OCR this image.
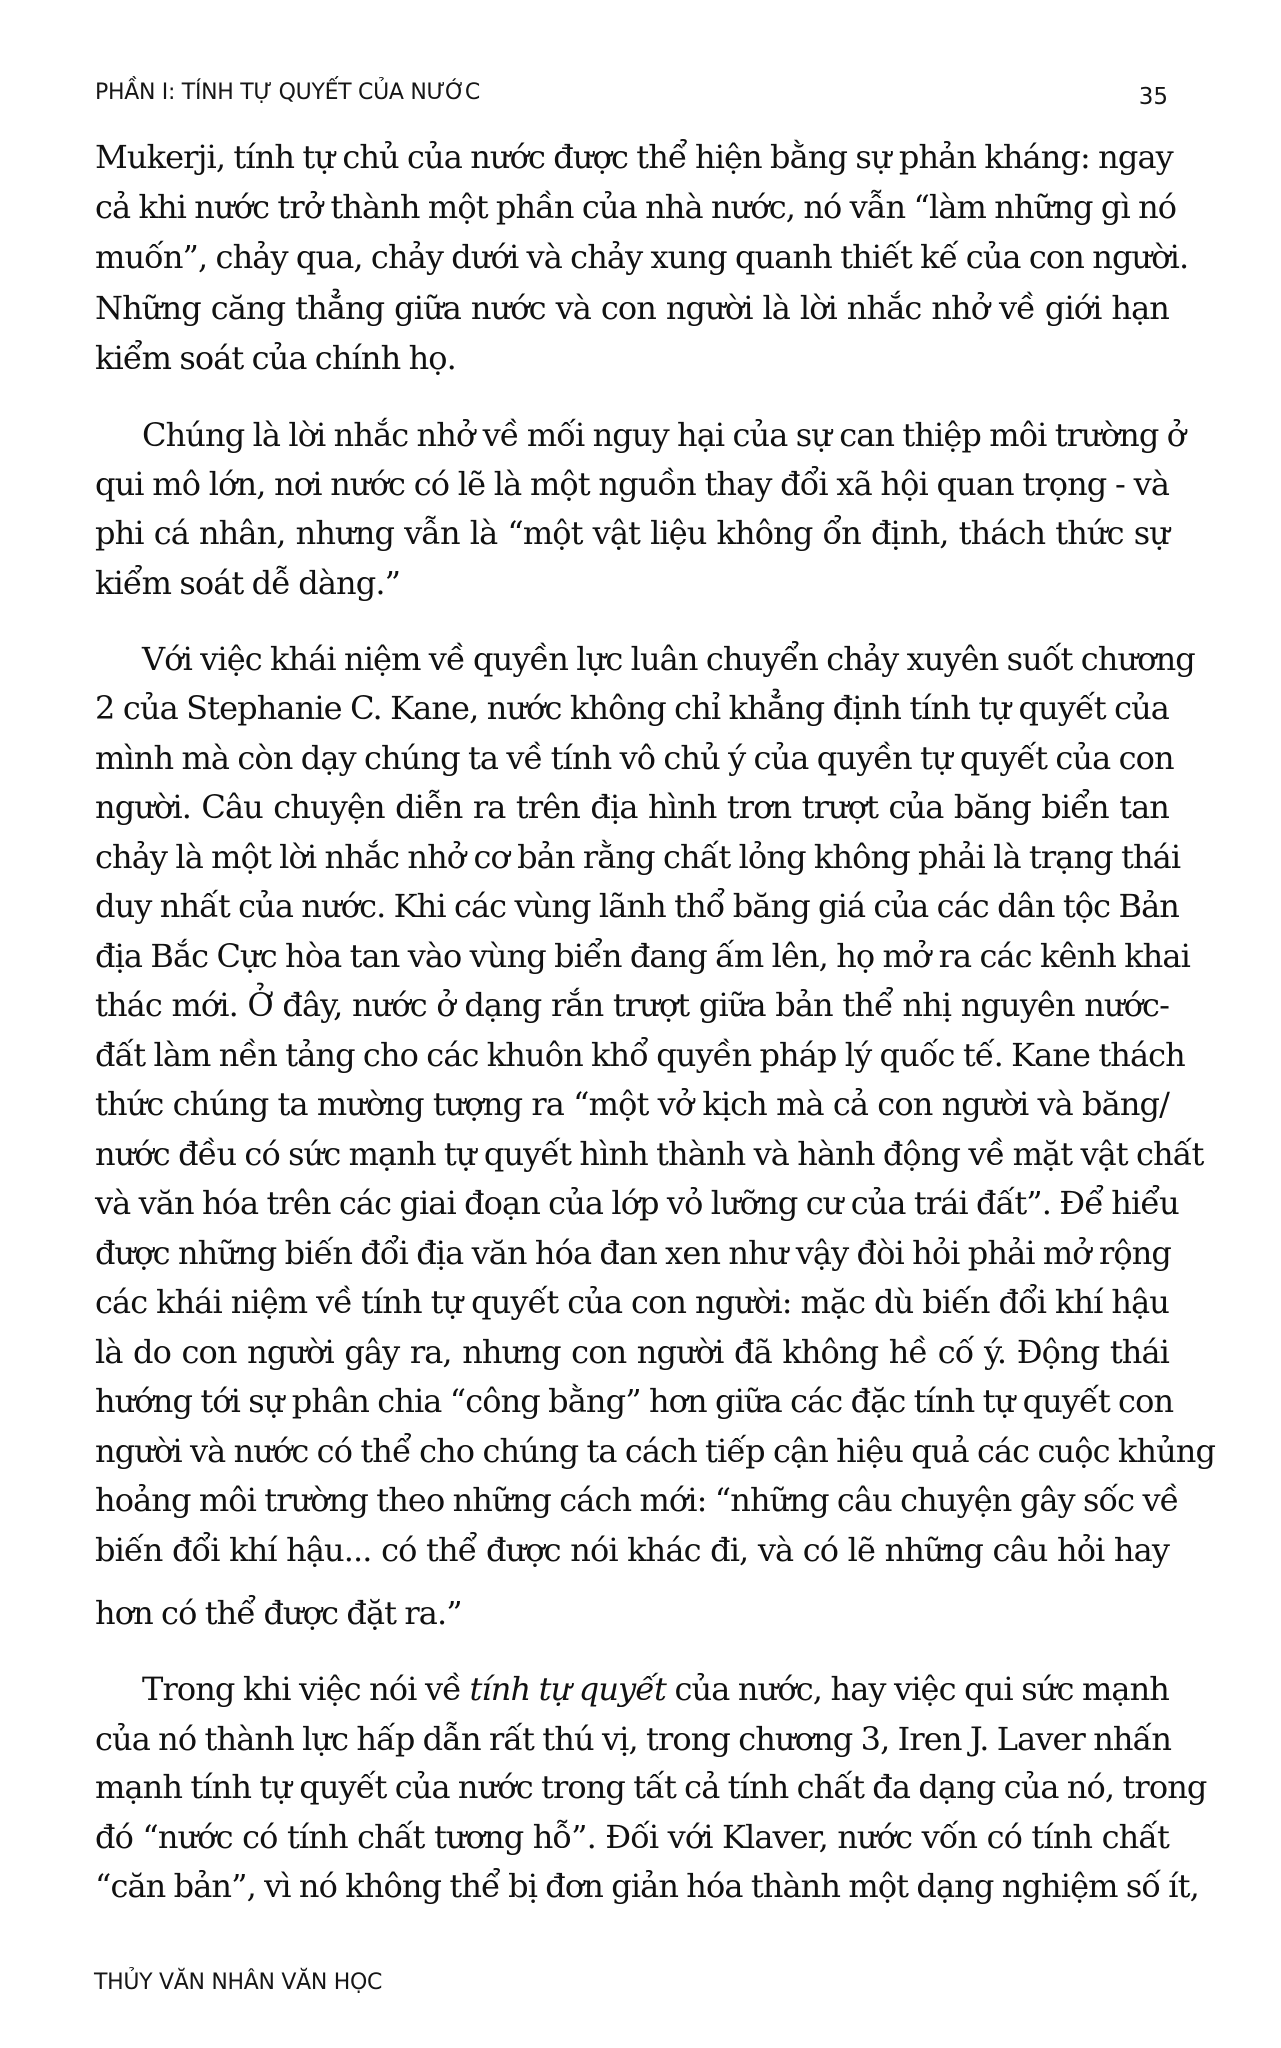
PHẦN I: TÍNH TỰ QUYẾT CỦA NƯỚC	35
Mukerji, tính tự chủ của nước được thể hiện bằng sự phản kháng: ngay
cả khi nước trở thành một phần của nhà nước, nó vẫn “làm những gì nó
muốn”, chảy qua, chảy dưới và chảy xung quanh thiết kế của con người.
Những căng thẳng giữa nước và con người là lời nhắc nhở về giới hạn
kiểm soát của chính họ.
Chúng là lời nhắc nhở về mối nguy hại của sự can thiệp môi trường ở
qui mô lớn, nơi nước có lẽ là một nguồn thay đổi xã hội quan trọng - và
phi cá nhân, nhưng vẫn là “một vật liệu không ổn định, thách thức sự
kiểm soát dễ dàng.”
Với việc khái niệm về quyền lực luân chuyển chảy xuyên suốt chương
2 của Stephanie C. Kane, nước không chỉ khẳng định tính tự quyết của
mình mà còn dạy chúng ta về tính vô chủ ý của quyền tự quyết của con
người. Câu chuyện diễn ra trên địa hình trơn trượt của băng biển tan
chảy là một lời nhắc nhở cơ bản rằng chất lỏng không phải là trạng thái
duy nhất của nước. Khi các vùng lãnh thổ băng giá của các dân tộc Bản
địa Bắc Cực hòa tan vào vùng biển đang ấm lên, họ mở ra các kênh khai
thác mới. Ở đây, nước ở dạng rắn trượt giữa bản thể nhị nguyên nước-
đất làm nền tảng cho các khuôn khổ quyền pháp lý quốc tế. Kane thách
thức chúng ta mường tượng ra “một vở kịch mà cả con người và băng/
nước đều có sức mạnh tự quyết hình thành và hành động về mặt vật chất
và văn hóa trên các giai đoạn của lớp vỏ lưỡng cư của trái đất”. Để hiểu
được những biến đổi địa văn hóa đan xen như vậy đòi hỏi phải mở rộng
các khái niệm về tính tự quyết của con người: mặc dù biến đổi khí hậu
là do con người gây ra, nhưng con người đã không hề cố ý. Động thái
hướng tới sự phân chia “công bằng” hơn giữa các đặc tính tự quyết con
người và nước có thể cho chúng ta cách tiếp cận hiệu quả các cuộc khủng
hoảng môi trường theo những cách mới: “những câu chuyện gây sốc về
biến đổi khí hậu... có thể được nói khác đi, và có lẽ những câu hỏi hay
hơn có thể được đặt ra.”
Trong khi việc nói về tính tự quyết của nước, hay việc qui sức mạnh
của nó thành lực hấp dẫn rất thú vị, trong chương 3, Iren J. Laver nhấn
mạnh tính tự quyết của nước trong tất cả tính chất đa dạng của nó, trong
đó “nước có tính chất tương hỗ”. Đối với Klaver, nước vốn có tính chất
“căn bản”, vì nó không thể bị đơn giản hóa thành một dạng nghiệm số ít,
THỦY VĂN NHÂN VĂN HỌC
